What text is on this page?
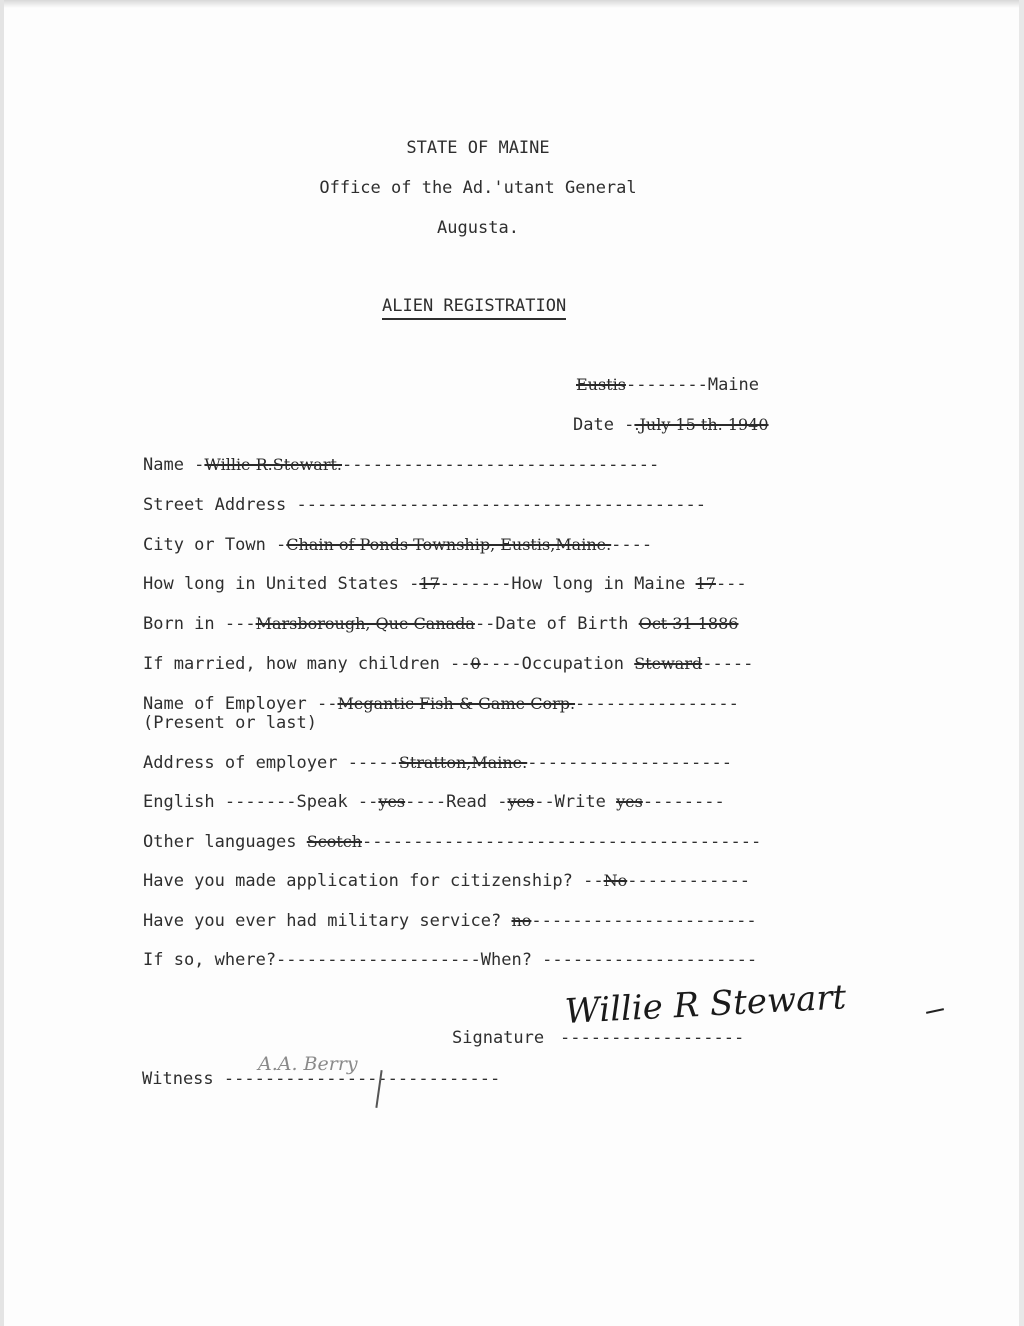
STATE OF MAINE
Office of the Ad.'utant General
Augusta.
ALIEN REGISTRATION
Eustis--------Maine
Date -.July 15 th. 1940
Name -Willie R.Stewart.-------------------------------
Street Address ----------------------------------------
City or Town -Chain of Ponds Township, Eustis,Maine.----
How long in United States -17-------How long in Maine 17---
Born in ---Marsborough, Que Canada--Date of Birth Oct 31 1886
If married, how many children --0----Occupation Steward-----
Name of Employer --Megantic Fish & Game Corp.----------------
(Present or last)
Address of employer -----Stratton,Maine.--------------------
English -------Speak --yes----Read -yes--Write yes--------
Other languages Scotch---------------------------------------
Have you made application for citizenship? --No------------
Have you ever had military service? no----------------------
If so, where?--------------------When? ---------------------
Signature ------------------
Willie R Stewart
Witness ---------------------------
A.A. Berry
